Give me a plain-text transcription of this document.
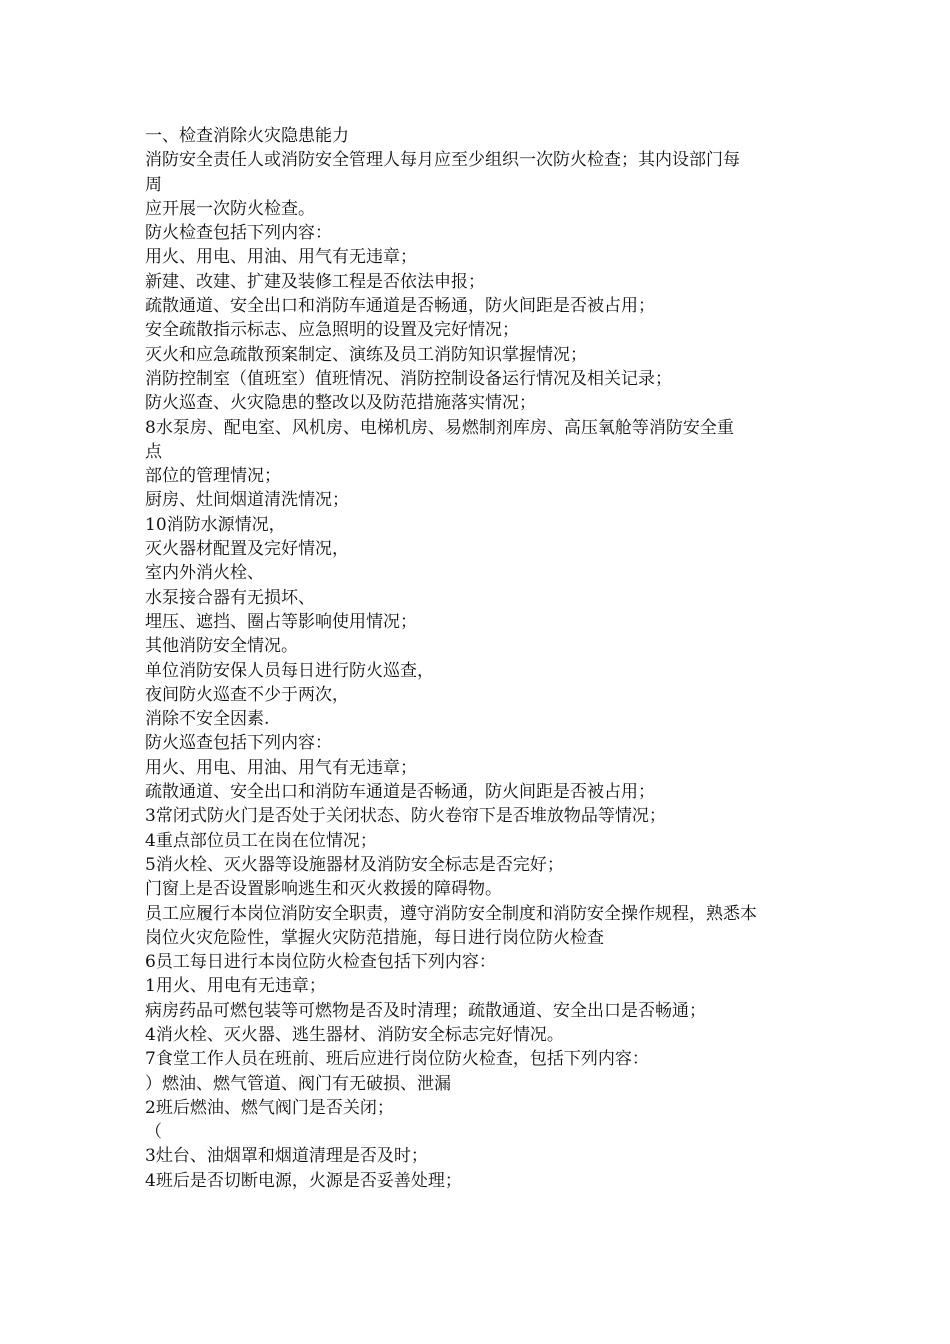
一、检查消除火灾隐患能力
消防安全责任人或消防安全管理人每月应至少组织一次防火检查；其内设部门每
周
应开展一次防火检查。
防火检查包括下列内容：
用火、用电、用油、用气有无违章；
新建、改建、扩建及装修工程是否依法申报；
疏散通道、安全出口和消防车通道是否畅通，防火间距是否被占用；
安全疏散指示标志、应急照明的设置及完好情况；
灭火和应急疏散预案制定、演练及员工消防知识掌握情况；
消防控制室（值班室）值班情况、消防控制设备运行情况及相关记录；
防火巡查、火灾隐患的整改以及防范措施落实情况；
8水泵房、配电室、风机房、电梯机房、易燃制剂库房、高压氧舱等消防安全重
点
部位的管理情况；
厨房、灶间烟道清洗情况；
10消防水源情况，
灭火器材配置及完好情况，
室内外消火栓、
水泵接合器有无损坏、
埋压、遮挡、圈占等影响使用情况；
其他消防安全情况。
单位消防安保人员每日进行防火巡查，
夜间防火巡查不少于两次，
消除不安全因素.
防火巡查包括下列内容：
用火、用电、用油、用气有无违章；
疏散通道、安全出口和消防车通道是否畅通，防火间距是否被占用；
3常闭式防火门是否处于关闭状态、防火卷帘下是否堆放物品等情况；
4重点部位员工在岗在位情况；
5消火栓、灭火器等设施器材及消防安全标志是否完好；
门窗上是否设置影响逃生和灭火救援的障碍物。
员工应履行本岗位消防安全职责，遵守消防安全制度和消防安全操作规程，熟悉本
岗位火灾危险性，掌握火灾防范措施，每日进行岗位防火检查
6员工每日进行本岗位防火检查包括下列内容：
1用火、用电有无违章；
病房药品可燃包装等可燃物是否及时清理；疏散通道、安全出口是否畅通；
4消火栓、灭火器、逃生器材、消防安全标志完好情况。
7食堂工作人员在班前、班后应进行岗位防火检查，包括下列内容：
）燃油、燃气管道、阀门有无破损、泄漏
2班后燃油、燃气阀门是否关闭；
（
3灶台、油烟罩和烟道清理是否及时；
4班后是否切断电源，火源是否妥善处理；
